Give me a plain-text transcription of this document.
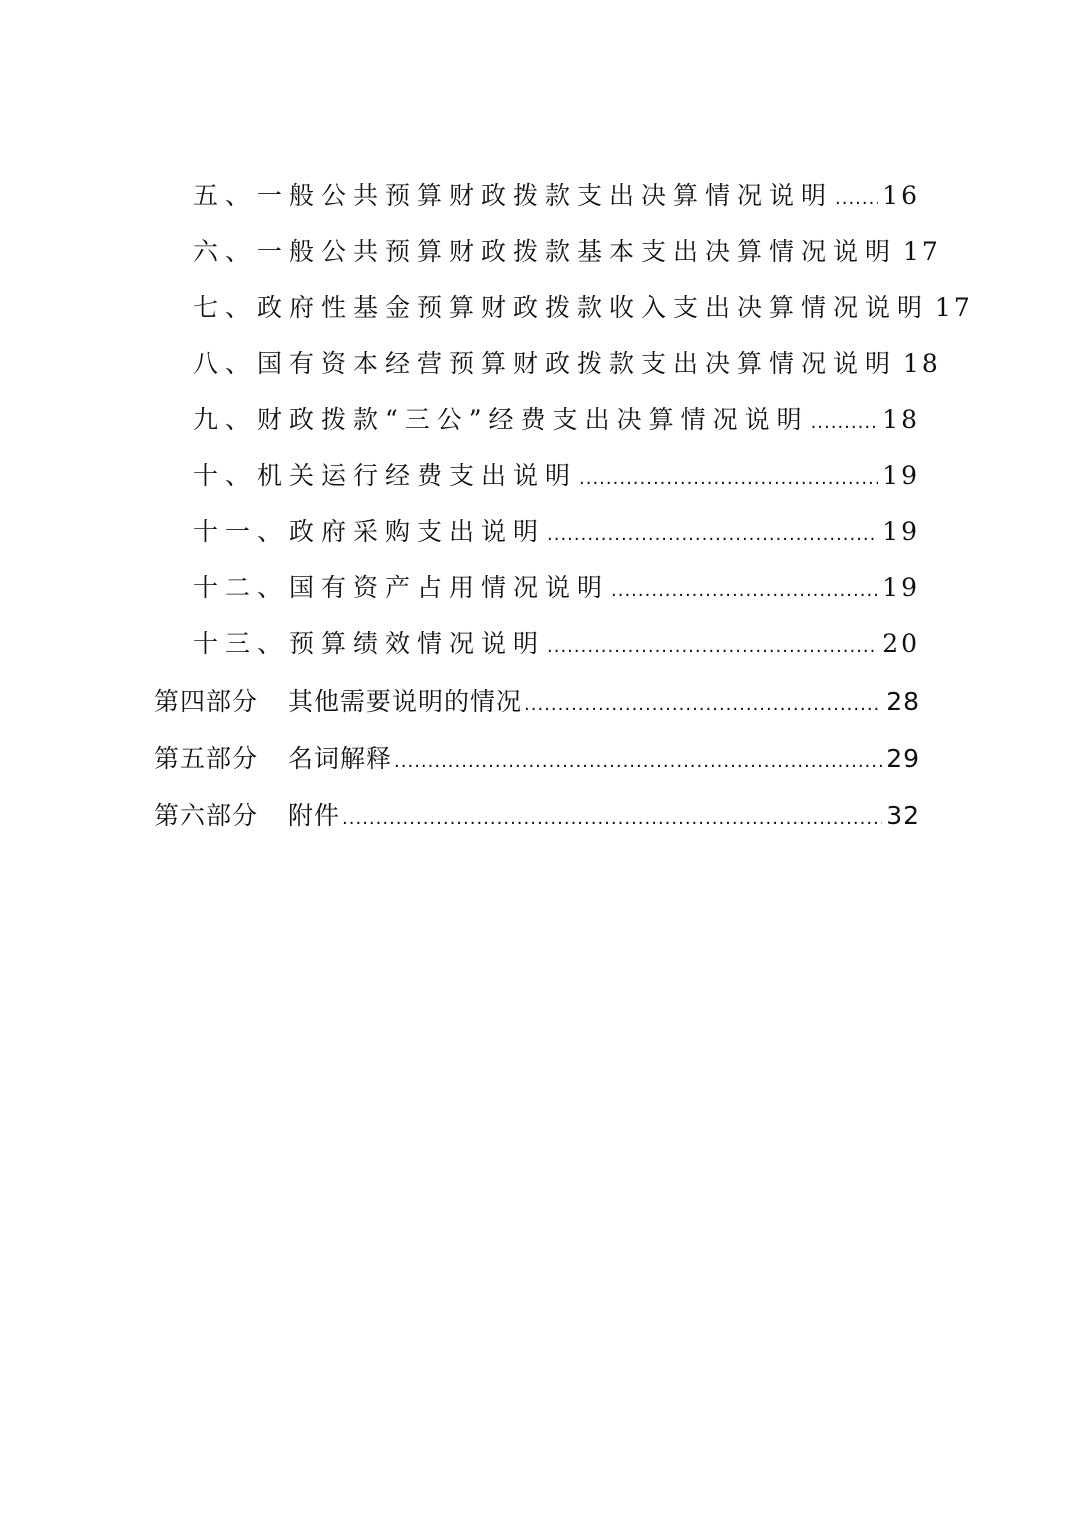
五、一般公共预算财政拨款支出决算情况说明 ..... 16
六、一般公共预算财政拨款基本支出决算情况说明 17
七、政府性基金预算财政拨款收入支出决算情况说明 17
八、国有资本经营预算财政拨款支出决算情况说明 18
九、财政拨款“三公”经费支出决算情况说明 .....	18
十、机关运行经费支出说明 .....	19
十一、政府采购支出说明 .....	19
十二、国有资产占用情况说明 .....	19
十三、预算绩效情况说明 .....	20
第四部分 其他需要说明的情况 .....	28
第五部分 名词解释 .....	29
第六部分 附件 .....	32
